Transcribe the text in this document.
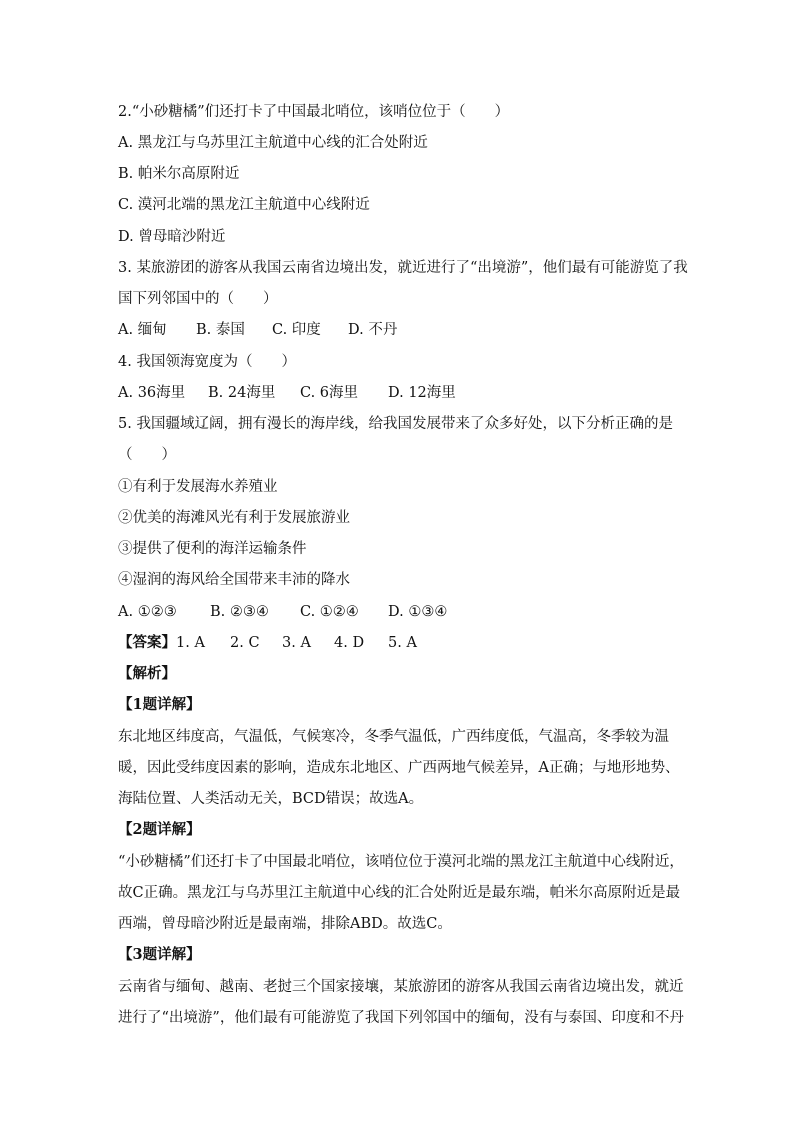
2.“小砂糖橘”们还打卡了中国最北哨位，该哨位位于（　　）
A. 黑龙江与乌苏里江主航道中心线的汇合处附近
B. 帕米尔高原附近
C. 漠河北端的黑龙江主航道中心线附近
D. 曾母暗沙附近
3. 某旅游团的游客从我国云南省边境出发，就近进行了“出境游”，他们最有可能游览了我
国下列邻国中的（　　）
A. 缅甸 B. 泰国 C. 印度 D. 不丹
4. 我国领海宽度为（　　）
A. 36海里 B. 24海里 C. 6海里 D. 12海里
5. 我国疆域辽阔，拥有漫长的海岸线，给我国发展带来了众多好处，以下分析正确的是
（　　）
①有利于发展海水养殖业
②优美的海滩风光有利于发展旅游业
③提供了便利的海洋运输条件
④湿润的海风给全国带来丰沛的降水
A. ①②③ B. ②③④ C. ①②④ D. ①③④
【答案】1. A 2. C 3. A 4. D 5. A
【解析】
【1题详解】
东北地区纬度高，气温低，气候寒冷，冬季气温低，广西纬度低，气温高，冬季较为温
暖，因此受纬度因素的影响，造成东北地区、广西两地气候差异，A正确；与地形地势、
海陆位置、人类活动无关，BCD错误；故选A。
【2题详解】
“小砂糖橘”们还打卡了中国最北哨位，该哨位位于漠河北端的黑龙江主航道中心线附近，
故C正确。黑龙江与乌苏里江主航道中心线的汇合处附近是最东端，帕米尔高原附近是最
西端，曾母暗沙附近是最南端，排除ABD。故选C。
【3题详解】
云南省与缅甸、越南、老挝三个国家接壤，某旅游团的游客从我国云南省边境出发，就近
进行了“出境游”，他们最有可能游览了我国下列邻国中的缅甸，没有与泰国、印度和不丹
